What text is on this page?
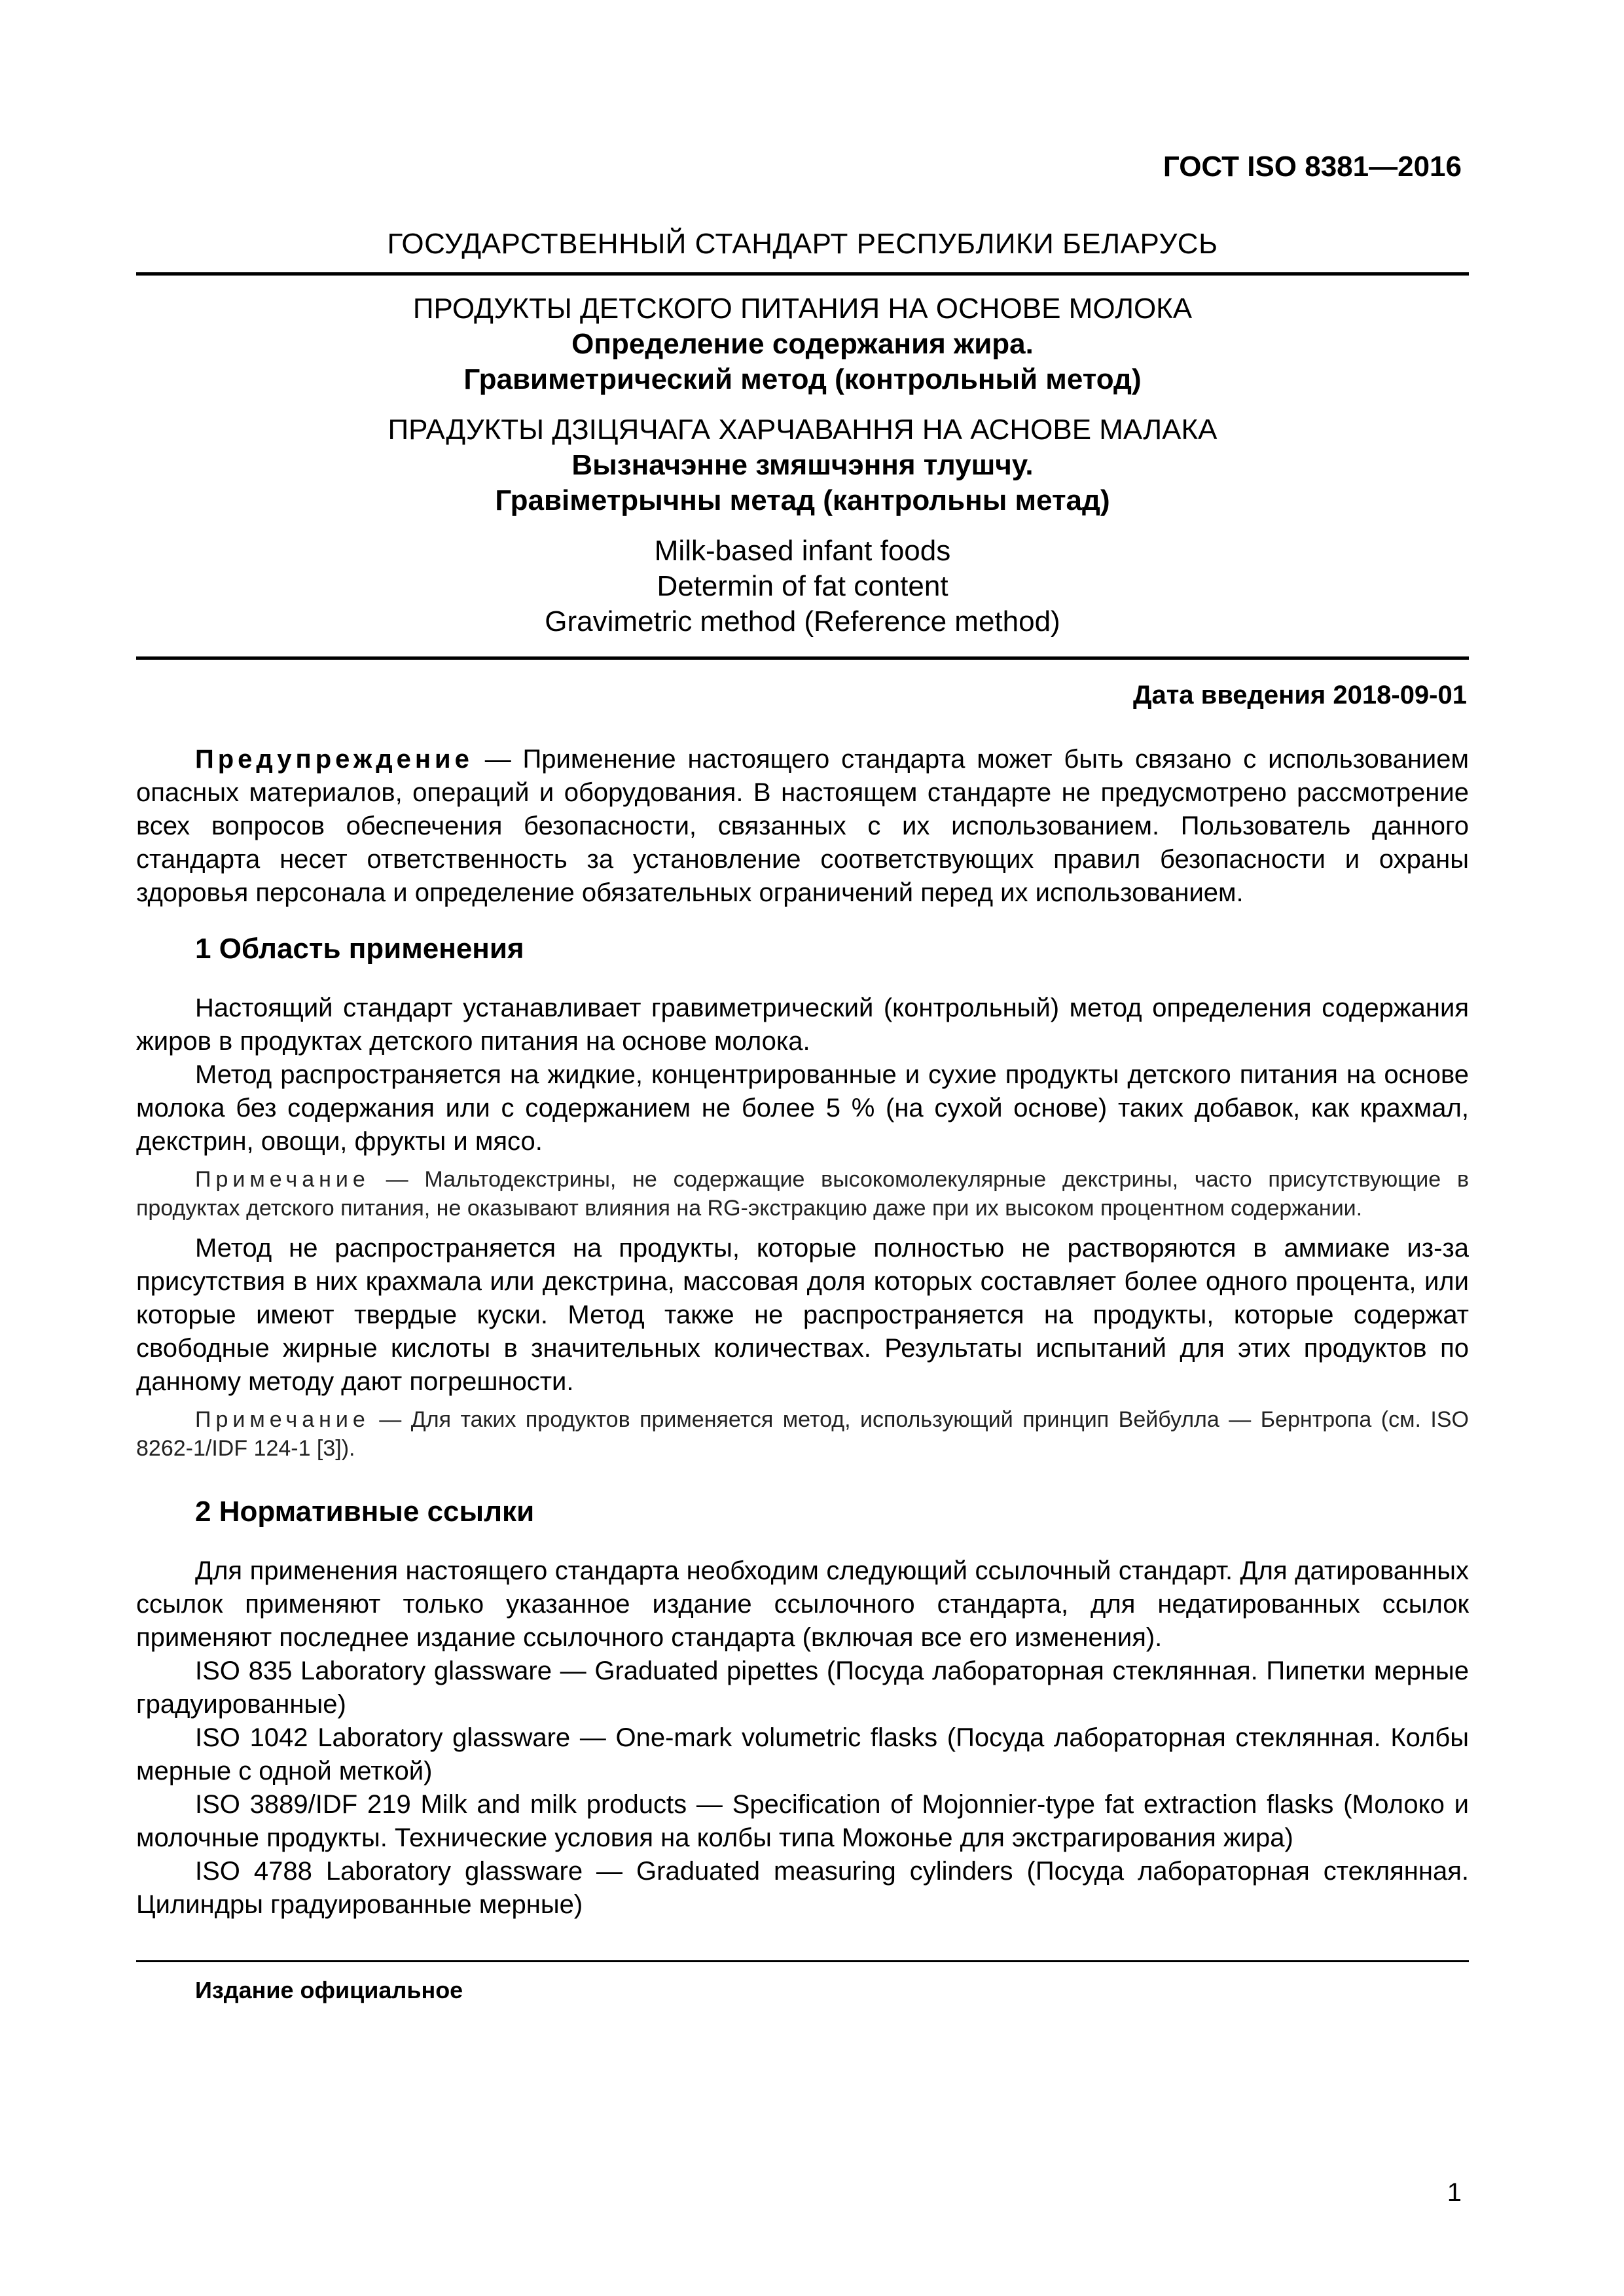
ГОСТ ISO 8381—2016
ГОСУДАРСТВЕННЫЙ СТАНДАРТ РЕСПУБЛИКИ БЕЛАРУСЬ
ПРОДУКТЫ ДЕТСКОГО ПИТАНИЯ НА ОСНОВЕ МОЛОКА
Определение содержания жира.
Гравиметрический метод (контрольный метод)
ПРАДУКТЫ ДЗІЦЯЧАГА ХАРЧАВАННЯ НА АСНОВЕ МАЛАКА
Вызначэнне змяшчэння тлушчу.
Гравіметрычны метад (кантрольны метад)
Milk-based infant foods
Determin of fat content
Gravimetric method (Reference method)
Дата введения 2018-09-01

Предупреждение — Применение настоящего стандарта может быть связано с использованием опасных материалов, операций и оборудования. В настоящем стандарте не предусмотрено рассмотрение всех вопросов обеспечения безопасности, связанных с их использованием. Пользователь данного стандарта несет ответственность за установление соответствующих правил безопасности и охраны здоровья персонала и определение обязательных ограничений перед их использованием.

1 Область применения

Настоящий стандарт устанавливает гравиметрический (контрольный) метод определения содержания жиров в продуктах детского питания на основе молока.

Метод распространяется на жидкие, концентрированные и сухие продукты детского питания на основе молока без содержания или с содержанием не более 5 % (на сухой основе) таких добавок, как крахмал, декстрин, овощи, фрукты и мясо.

Примечание — Мальтодекстрины, не содержащие высокомолекулярные декстрины, часто присутствующие в продуктах детского питания, не оказывают влияния на RG-экстракцию даже при их высоком процентном содержании.

Метод не распространяется на продукты, которые полностью не растворяются в аммиаке из-за присутствия в них крахмала или декстрина, массовая доля которых составляет более одного процента, или которые имеют твердые куски. Метод также не распространяется на продукты, которые содержат свободные жирные кислоты в значительных количествах. Результаты испытаний для этих продуктов по данному методу дают погрешности.

Примечание — Для таких продуктов применяется метод, использующий принцип Вейбулла — Бернтропа (см. ISO 8262-1/IDF 124-1 [3]).

2 Нормативные ссылки

Для применения настоящего стандарта необходим следующий ссылочный стандарт. Для датированных ссылок применяют только указанное издание ссылочного стандарта, для недатированных ссылок применяют последнее издание ссылочного стандарта (включая все его изменения).

ISO 835 Laboratory glassware — Graduated pipettes (Посуда лабораторная стеклянная. Пипетки мерные градуированные)

ISO 1042 Laboratory glassware — One-mark volumetric flasks (Посуда лабораторная стеклянная. Колбы мерные с одной меткой)

ISO 3889/IDF 219 Milk and milk products — Specification of Mojonnier-type fat extraction flasks (Молоко и молочные продукты. Технические условия на колбы типа Можонье для экстрагирования жира)

ISO 4788 Laboratory glassware — Graduated measuring cylinders (Посуда лабораторная стеклянная. Цилиндры градуированные мерные)

Издание официальное
1
